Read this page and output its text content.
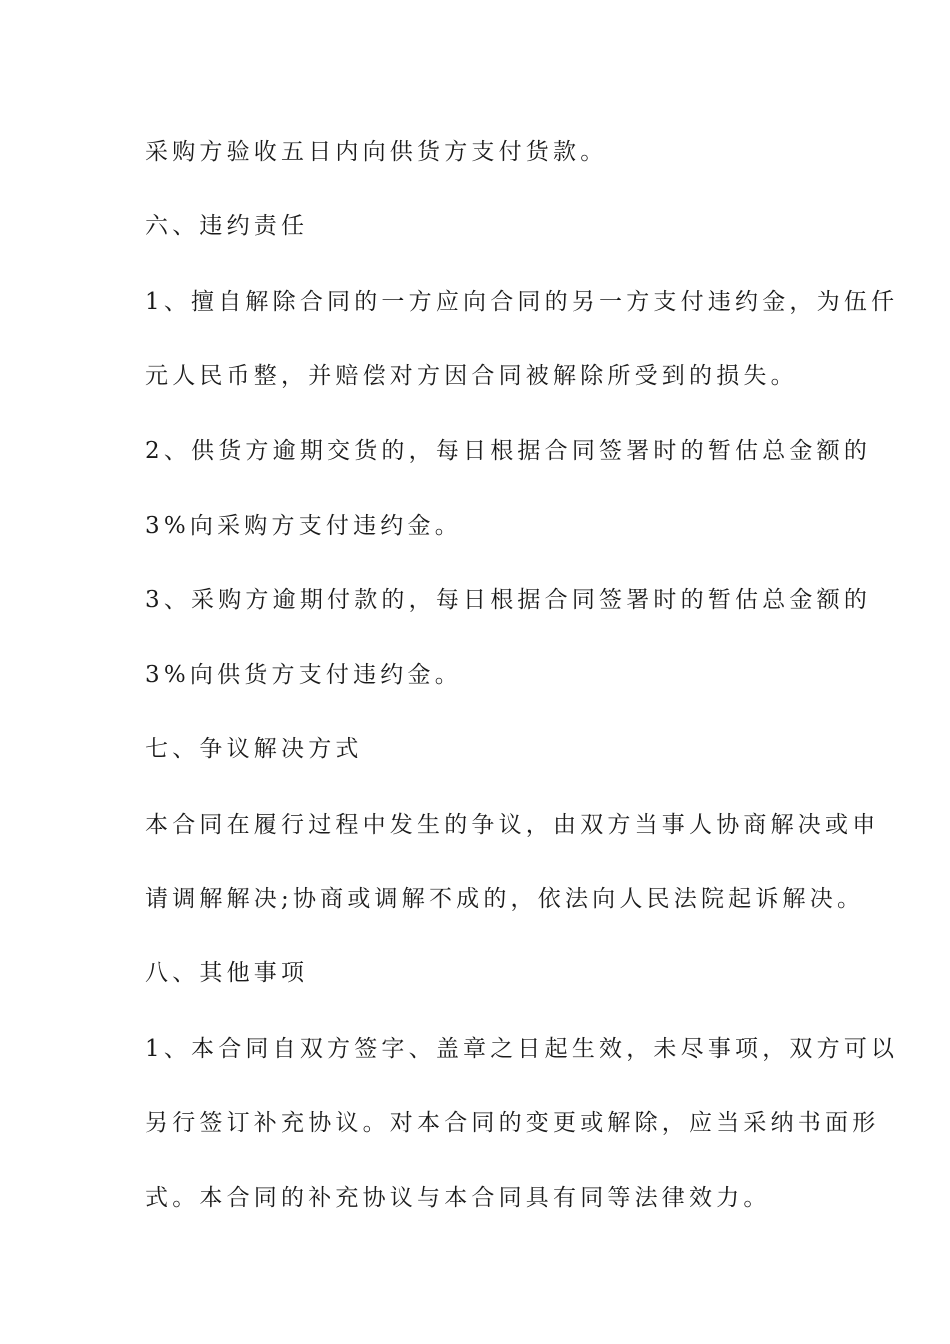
采购方验收五日内向供货方支付货款。
六、违约责任
1、擅自解除合同的一方应向合同的另一方支付违约金，为伍仟
元人民币整，并赔偿对方因合同被解除所受到的损失。
2、供货方逾期交货的，每日根据合同签署时的暂估总金额的
3%向采购方支付违约金。
3、采购方逾期付款的，每日根据合同签署时的暂估总金额的
3%向供货方支付违约金。
七、争议解决方式
本合同在履行过程中发生的争议，由双方当事人协商解决或申
请调解解决;协商或调解不成的，依法向人民法院起诉解决。
八、其他事项
1、本合同自双方签字、盖章之日起生效，未尽事项，双方可以
另行签订补充协议。对本合同的变更或解除，应当采纳书面形
式。本合同的补充协议与本合同具有同等法律效力。
